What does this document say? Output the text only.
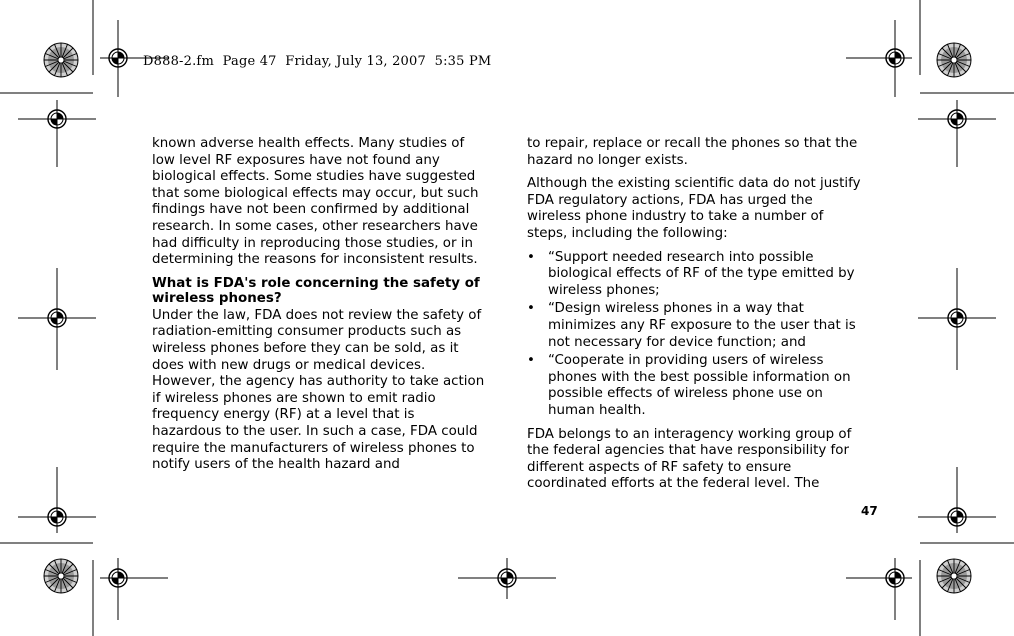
D888-2.fm  Page 47  Friday, July 13, 2007  5:35 PM

known adverse health effects. Many studies of low level RF exposures have not found any biological effects. Some studies have suggested that some biological effects may occur, but such findings have not been confirmed by additional research. In some cases, other researchers have had difficulty in reproducing those studies, or in determining the reasons for inconsistent results.

What is FDA's role concerning the safety of wireless phones?

Under the law, FDA does not review the safety of radiation-emitting consumer products such as wireless phones before they can be sold, as it does with new drugs or medical devices. However, the agency has authority to take action if wireless phones are shown to emit radio frequency energy (RF) at a level that is hazardous to the user. In such a case, FDA could require the manufacturers of wireless phones to notify users of the health hazard and

to repair, replace or recall the phones so that the hazard no longer exists.

Although the existing scientific data do not justify FDA regulatory actions, FDA has urged the wireless phone industry to take a number of steps, including the following:

• “Support needed research into possible biological effects of RF of the type emitted by wireless phones;
• “Design wireless phones in a way that minimizes any RF exposure to the user that is not necessary for device function; and
• “Cooperate in providing users of wireless phones with the best possible information on possible effects of wireless phone use on human health.

FDA belongs to an interagency working group of the federal agencies that have responsibility for different aspects of RF safety to ensure coordinated efforts at the federal level. The

47
